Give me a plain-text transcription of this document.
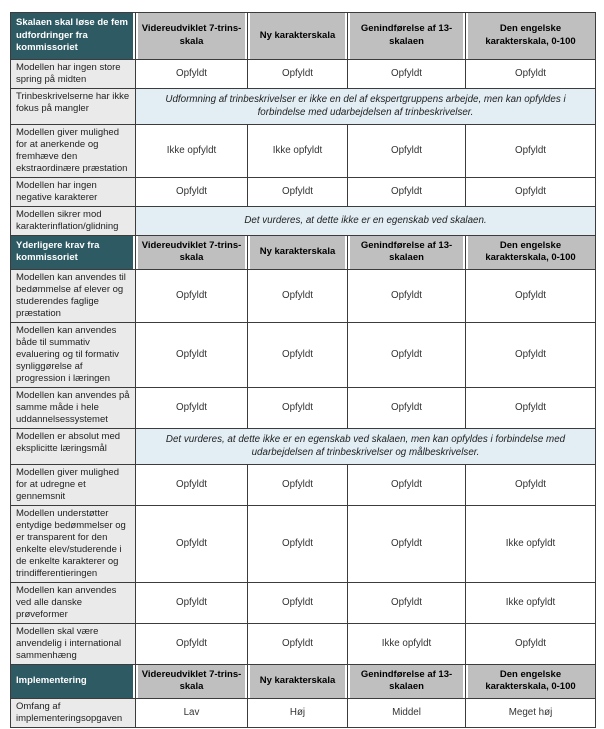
Skalaen skal løse de fem udfordringer fra kommissoriet	Videreudviklet 7-trins-skala	Ny karakterskala	Genindførelse af 13-skalaen	Den engelske karakterskala, 0-100
Modellen har ingen store spring på midten	Opfyldt	Opfyldt	Opfyldt	Opfyldt
Trinbeskrivelserne har ikke fokus på mangler	Udformning af trinbeskrivelser er ikke en del af ekspertgruppens arbejde, men kan opfyldes i forbindelse med udarbejdelsen af trinbeskrivelser.			
Modellen giver mulighed for at anerkende og fremhæve den ekstraordinære præstation	Ikke opfyldt	Ikke opfyldt	Opfyldt	Opfyldt
Modellen har ingen negative karakterer	Opfyldt	Opfyldt	Opfyldt	Opfyldt
Modellen sikrer mod karakterinflation/glidning	Det vurderes, at dette ikke er en egenskab ved skalaen.			
Yderligere krav fra kommissoriet	Videreudviklet 7-trins-skala	Ny karakterskala	Genindførelse af 13-skalaen	Den engelske karakterskala, 0-100
Modellen kan anvendes til bedømmelse af elever og studerendes faglige præstation	Opfyldt	Opfyldt	Opfyldt	Opfyldt
Modellen kan anvendes både til summativ evaluering og til formativ synliggørelse af progression i læringen	Opfyldt	Opfyldt	Opfyldt	Opfyldt
Modellen kan anvendes på samme måde i hele uddannelsessystemet	Opfyldt	Opfyldt	Opfyldt	Opfyldt
Modellen er absolut med eksplicitte læringsmål	Det vurderes, at dette ikke er en egenskab ved skalaen, men kan opfyldes i forbindelse med udarbejdelsen af trinbeskrivelser og målbeskrivelser.			
Modellen giver mulighed for at udregne et gennemsnit	Opfyldt	Opfyldt	Opfyldt	Opfyldt
Modellen understøtter entydige bedømmelser og er transparent for den enkelte elev/studerende i de enkelte karakterer og trindifferentieringen	Opfyldt	Opfyldt	Opfyldt	Ikke opfyldt
Modellen kan anvendes ved alle danske prøveformer	Opfyldt	Opfyldt	Opfyldt	Ikke opfyldt
Modellen skal være anvendelig i international sammenhæng	Opfyldt	Opfyldt	Ikke opfyldt	Opfyldt
Implementering	Videreudviklet 7-trins-skala	Ny karakterskala	Genindførelse af 13-skalaen	Den engelske karakterskala, 0-100
Omfang af implementeringsopgaven	Lav	Høj	Middel	Meget høj
